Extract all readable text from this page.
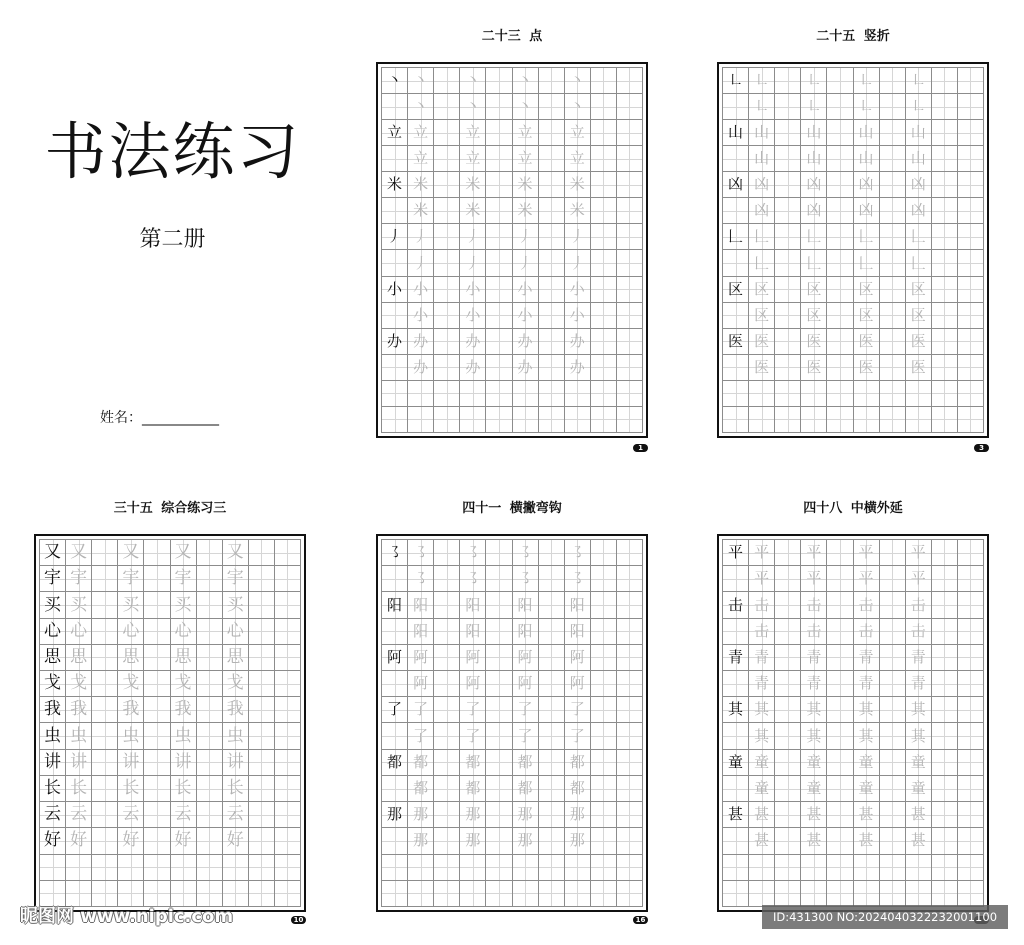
书法练习
第二册
姓名：___________
二十三 点
丶 丶 丶 丶 丶
丶 丶 丶 丶
立 立 立 立 立
立 立 立 立
米 米 米 米 米
米 米 米 米
丿 丿 丿 丿 丿
丿 丿 丿 丿
小 小 小 小 小
小 小 小 小
办 办 办 办 办
办 办 办 办
1
二十五 竖折
㇗ ㇗ ㇗ ㇗ ㇗
㇗ ㇗ ㇗ ㇗
山 山 山 山 山
山 山 山 山
凶 凶 凶 凶 凶
凶 凶 凶 凶
𠃊 𠃊 𠃊 𠃊 𠃊
𠃊 𠃊 𠃊 𠃊
区 区 区 区 区
区 区 区 区
医 医 医 医 医
医 医 医 医
3
三十五 综合练习三
又 又 又 又 又
宇 宇 宇 宇 宇
买 买 买 买 买
心 心 心 心 心
思 思 思 思 思
戈 戈 戈 戈 戈
我 我 我 我 我
虫 虫 虫 虫 虫
讲 讲 讲 讲 讲
长 长 长 长 长
云 云 云 云 云
好 好 好 好 好
10
四十一 横撇弯钩
㇌ ㇌ ㇌ ㇌ ㇌
㇌ ㇌ ㇌ ㇌
阳 阳 阳 阳 阳
阳 阳 阳 阳
阿 阿 阿 阿 阿
阿 阿 阿 阿
了 了 了 了 了
了 了 了 了
都 都 都 都 都
都 都 都 都
那 那 那 那 那
那 那 那 那
16
四十八 中横外延
平 平 平 平 平
平 平 平 平
击 击 击 击 击
击 击 击 击
青 青 青 青 青
青 青 青 青
其 其 其 其 其
其 其 其 其
童 童 童 童 童
童 童 童 童
甚 甚 甚 甚 甚
甚 甚 甚 甚
昵图网 www.nipic.com	ID:431300 NO:2024040322232001100
